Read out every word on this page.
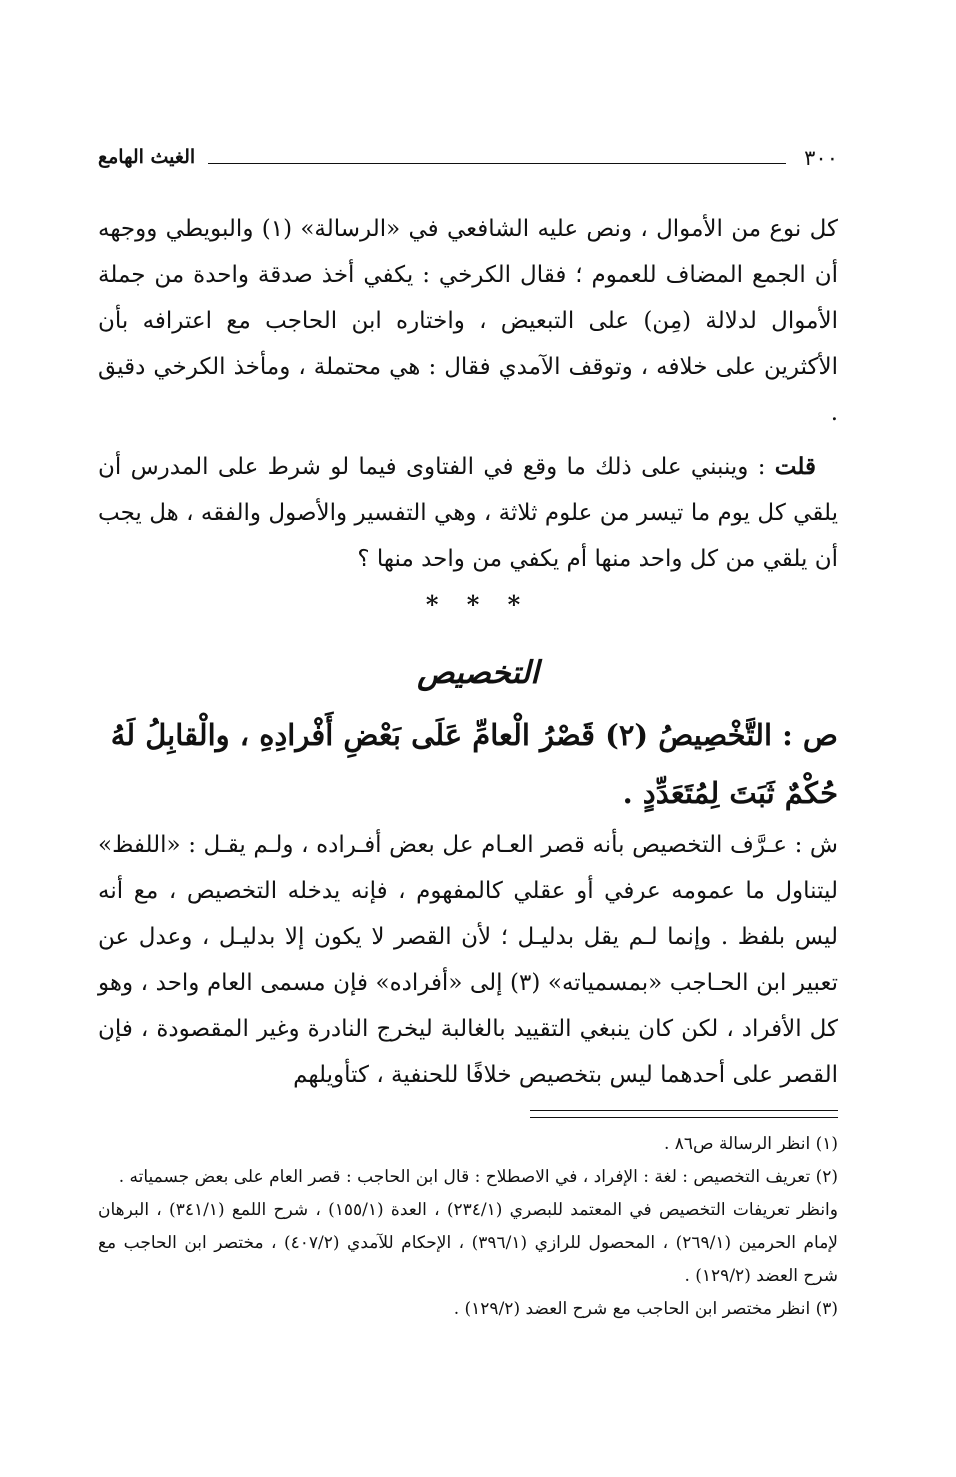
٣٠٠
الغيث الهامع

كل نوع من الأموال ، ونص عليه الشافعي في «الرسالة» (١) والبويطي ووجهه أن الجمع المضاف للعموم ؛ فقال الكرخي : يكفي أخذ صدقة واحدة من جملة الأموال لدلالة (مِن) على التبعيض ، واختاره ابن الحاجب مع اعترافه بأن الأكثرين على خلافه ، وتوقف الآمدي فقال : هي محتملة ، ومأخذ الكرخي دقيق .

قلت : وينبني على ذلك ما وقع في الفتاوى فيما لو شرط على المدرس أن يلقي كل يوم ما تيسر من علوم ثلاثة ، وهي التفسير والأصول والفقه ، هل يجب أن يلقي من كل واحد منها أم يكفي من واحد منها ؟

* * *
التخصيص

ص : التَّخْصِيصُ (٢) قَصْرُ الْعامِّ عَلَى بَعْضِ أَفْرادِهِ ، والْقابِلُ لَهُ حُكْمٌ ثَبَتَ لِمُتَعَدِّدٍ .

ش : عـرَّف التخصيص بأنه قصر العـام عل بعض أفـراده ، ولـم يقـل : «اللفظ» ليتناول ما عمومه عرفي أو عقلي كالمفهوم ، فإنه يدخله التخصيص ، مع أنه ليس بلفظ . وإنما لـم يقل بدليـل ؛ لأن القصر لا يكون إلا بدليـل ، وعدل عن تعبير ابن الحـاجب «بمسمياته» (٣) إلى «أفراده» فإن مسمى العام واحد ، وهو كل الأفراد ، لكن كان ينبغي التقييد بالغالبة ليخرج النادرة وغير المقصودة ، فإن القصر على أحدهما ليس بتخصيص خلافًا للحنفية ، كتأويلهم

(١) انظر الرسالة ص٨٦ .

(٢) تعريف التخصيص : لغة : الإفراد ، في الاصطلاح : قال ابن الحاجب : قصر العام على بعض جسمياته .

وانظر تعريفات التخصيص في المعتمد للبصري (٢٣٤/١) ، العدة (١٥٥/١) ، شرح اللمع (٣٤١/١) ، البرهان لإمام الحرمين (٢٦٩/١) ، المحصول للرازي (٣٩٦/١) ، الإحكام للآمدي (٤٠٧/٢) ، مختصر ابن الحاجب مع شرح العضد (١٢٩/٢) .

(٣) انظر مختصر ابن الحاجب مع شرح العضد (١٢٩/٢) .
